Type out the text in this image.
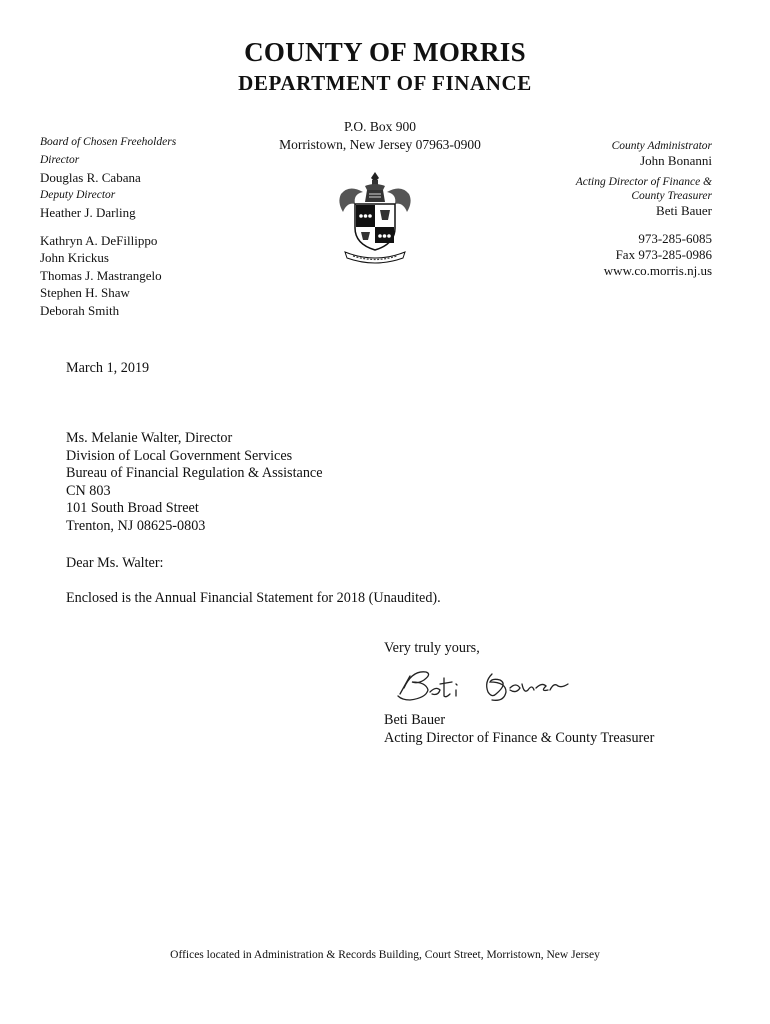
COUNTY OF MORRIS
DEPARTMENT OF FINANCE
Board of Chosen Freeholders
Director
Douglas R. Cabana
Deputy Director
Heather J. Darling
Kathryn A. DeFillippo
John Krickus
Thomas J. Mastrangelo
Stephen H. Shaw
Deborah Smith
P.O. Box 900
Morristown, New Jersey 07963-0900	County Administrator
John Bonanni
Acting Director of Finance &
County Treasurer
Beti Bauer
973-285-6085
Fax 973-285-0986
www.co.morris.nj.us
March 1, 2019
Ms. Melanie Walter, Director
Division of Local Government Services
Bureau of Financial Regulation & Assistance
CN 803
101 South Broad Street
Trenton, NJ 08625-0803
Dear Ms. Walter:
Enclosed is the Annual Financial Statement for 2018 (Unaudited).
Very truly yours,
Beti Bauer
Acting Director of Finance & County Treasurer
Offices located in Administration & Records Building, Court Street, Morristown, New Jersey
